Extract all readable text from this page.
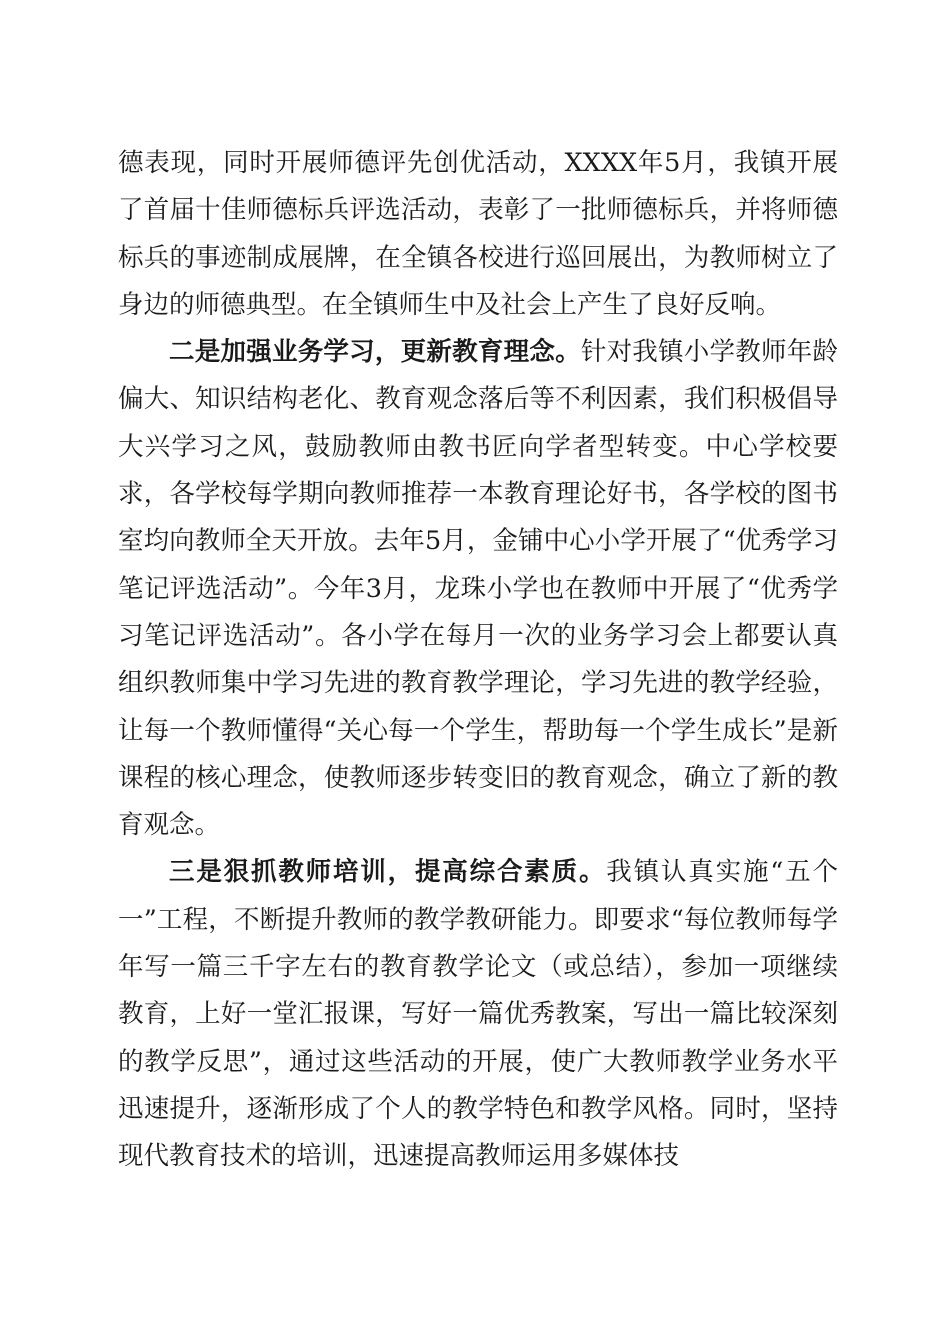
德表现，同时开展师德评先创优活动，XXXX年5月，我镇开展了首届十佳师德标兵评选活动，表彰了一批师德标兵，并将师德标兵的事迹制成展牌，在全镇各校进行巡回展出，为教师树立了身边的师德典型。在全镇师生中及社会上产生了良好反响。

二是加强业务学习，更新教育理念。针对我镇小学教师年龄偏大、知识结构老化、教育观念落后等不利因素，我们积极倡导大兴学习之风，鼓励教师由教书匠向学者型转变。中心学校要求，各学校每学期向教师推荐一本教育理论好书，各学校的图书室均向教师全天开放。去年5月，金铺中心小学开展了“优秀学习笔记评选活动”。今年3月，龙珠小学也在教师中开展了“优秀学习笔记评选活动”。各小学在每月一次的业务学习会上都要认真组织教师集中学习先进的教育教学理论，学习先进的教学经验，让每一个教师懂得“关心每一个学生，帮助每一个学生成长”是新课程的核心理念，使教师逐步转变旧的教育观念，确立了新的教育观念。

三是狠抓教师培训，提高综合素质。我镇认真实施“五个一”工程，不断提升教师的教学教研能力。即要求“每位教师每学年写一篇三千字左右的教育教学论文（或总结），参加一项继续教育，上好一堂汇报课，写好一篇优秀教案，写出一篇比较深刻的教学反思”，通过这些活动的开展，使广大教师教学业务水平迅速提升，逐渐形成了个人的教学特色和教学风格。同时，坚持现代教育技术的培训，迅速提高教师运用多媒体技
